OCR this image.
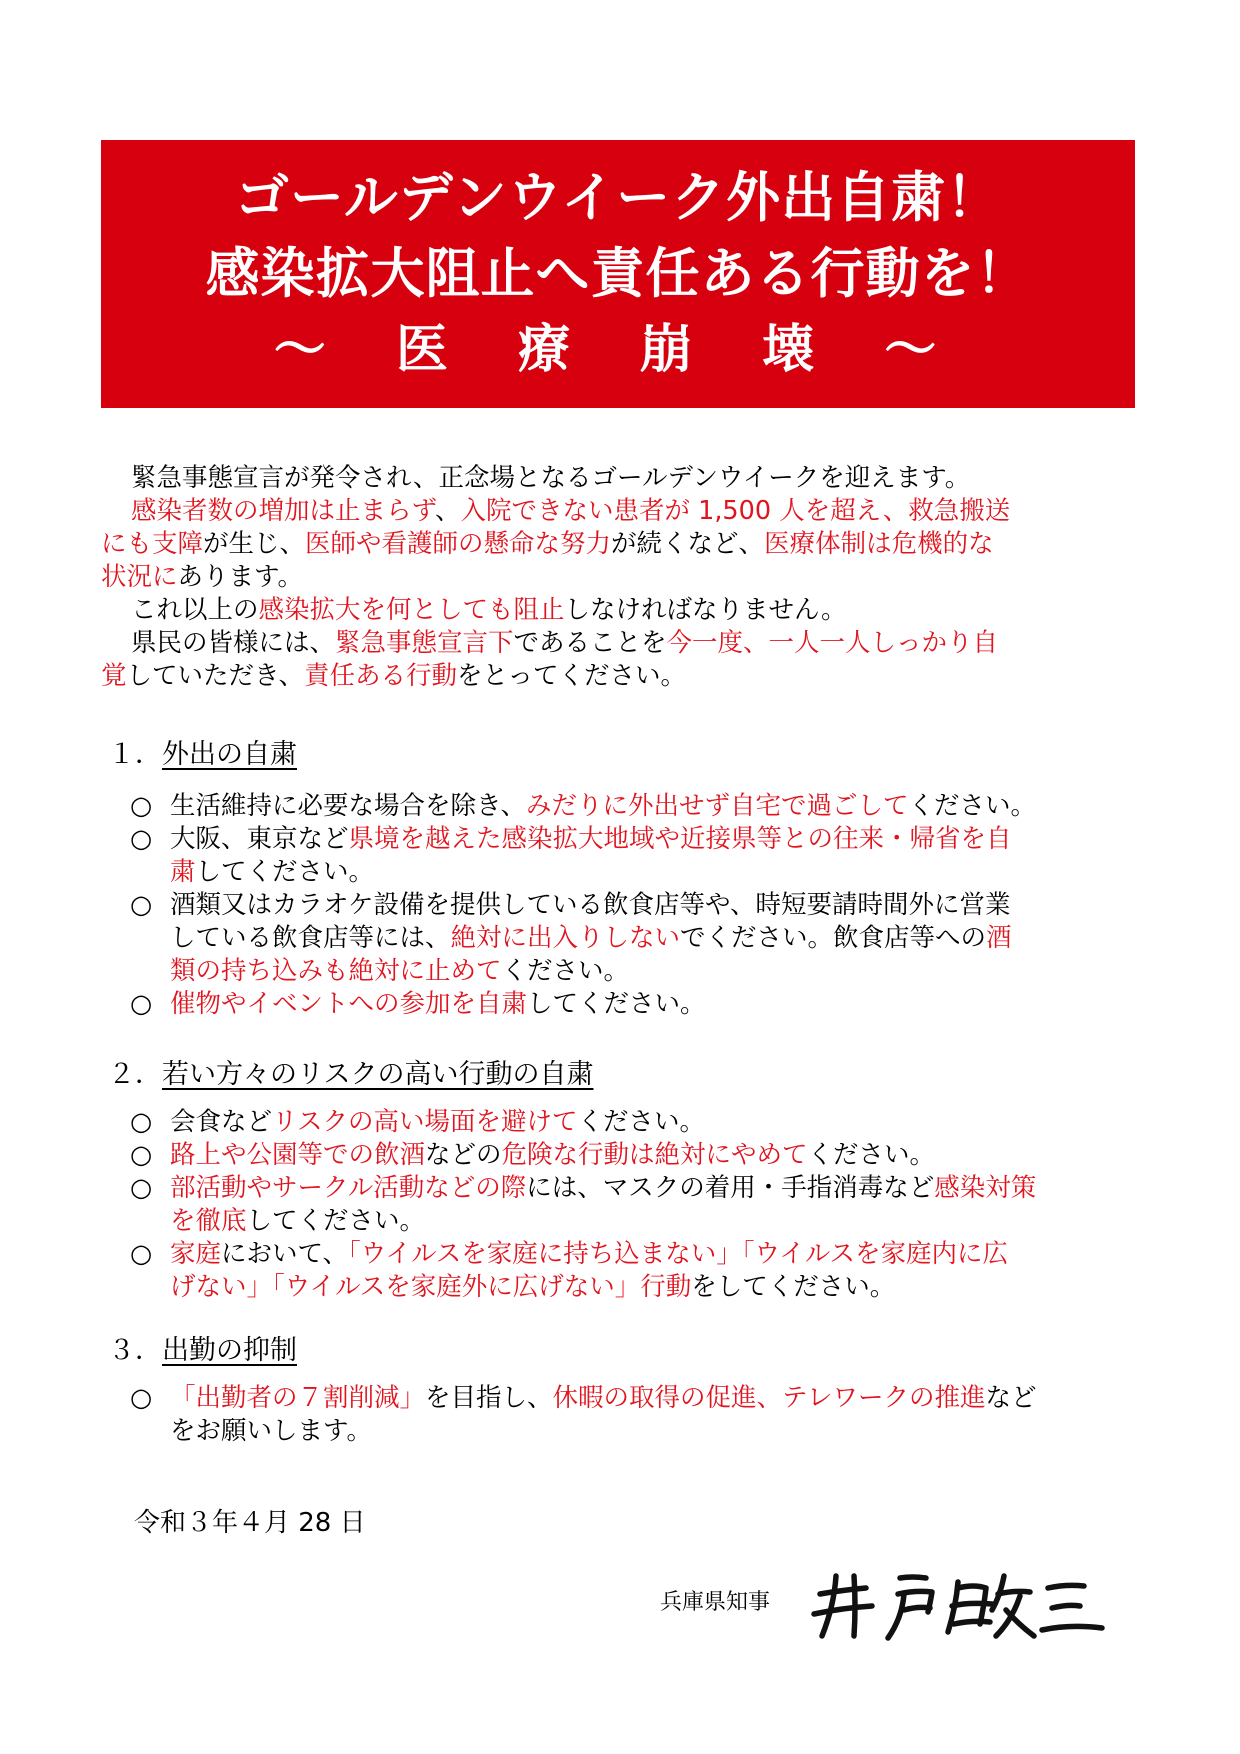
ゴールデンウイーク外出自粛！
感染拡大阻止へ責任ある行動を！
～ 医 療 崩 壊 ～

緊急事態宣言が発令され、正念場となるゴールデンウイークを迎えます。

感染者数の増加は止まらず、入院できない患者が 1,500 人を超え、救急搬送

にも支障が生じ、医師や看護師の懸命な努力が続くなど、医療体制は危機的な

状況にあります。

これ以上の感染拡大を何としても阻止しなければなりません。

県民の皆様には、緊急事態宣言下であることを今一度、一人一人しっかり自

覚していただき、責任ある行動をとってください。

１．外出の自粛
○ 生活維持に必要な場合を除き、みだりに外出せず自宅で過ごしてください。
○ 大阪、東京など県境を越えた感染拡大地域や近接県等との往来・帰省を自
粛してください。
○ 酒類又はカラオケ設備を提供している飲食店等や、時短要請時間外に営業
している飲食店等には、絶対に出入りしないでください。飲食店等への酒
類の持ち込みも絶対に止めてください。
○ 催物やイベントへの参加を自粛してください。
２．若い方々のリスクの高い行動の自粛
○ 会食などリスクの高い場面を避けてください。
○ 路上や公園等での飲酒などの危険な行動は絶対にやめてください。
○ 部活動やサークル活動などの際には、マスクの着用・手指消毒など感染対策
を徹底してください。
○ 家庭において、「ウイルスを家庭に持ち込まない」「ウイルスを家庭内に広
げない」「ウイルスを家庭外に広げない」行動をしてください。
３．出勤の抑制
○ 「出勤者の７割削減」を目指し、休暇の取得の促進、テレワークの推進など
をお願いします。
令和３年４月 28 日
兵庫県知事
